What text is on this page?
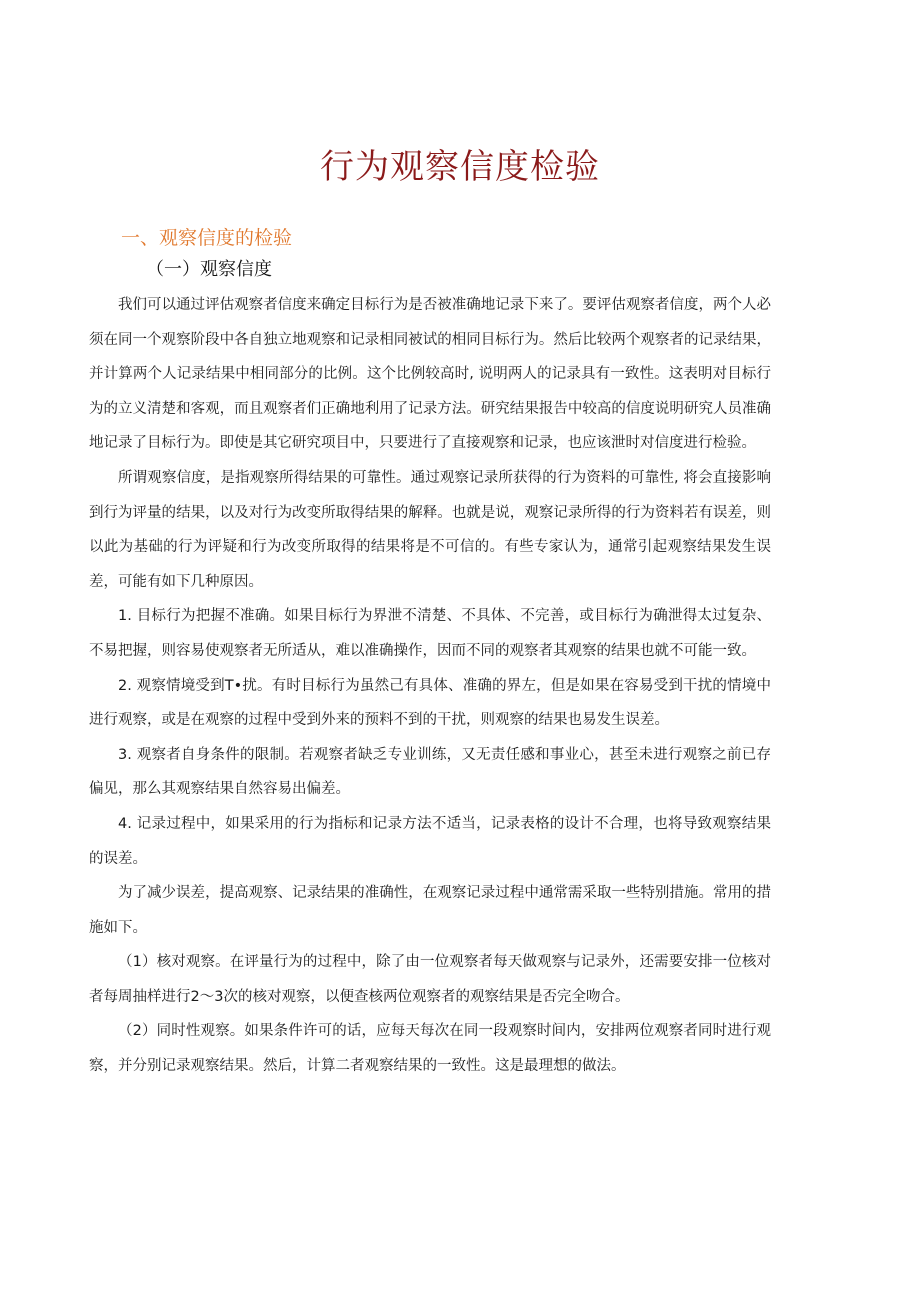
行为观察信度检验
一、观察信度的检验
（一）观察信度

我们可以通过评估观察者信度来确定目标行为是否被准确地记录下来了。要评估观察者信度，两个人必须在同一个观察阶段中各自独立地观察和记录相同被试的相同目标行为。然后比较两个观察者的记录结果，并计算两个人记录结果中相同部分的比例。这个比例较高时, 说明两人的记录具有一致性。这表明对目标行为的立义清楚和客观，而且观察者们正确地利用了记录方法。研究结果报告中较高的信度说明研究人员准确地记录了目标行为。即使是其它研究项目中，只要进行了直接观察和记录，也应该泄时对信度进行检验。

所谓观察信度，是指观察所得结果的可靠性。通过观察记录所获得的行为资料的可靠性, 将会直接影响到行为评量的结果，以及对行为改变所取得结果的解释。也就是说，观察记录所得的行为资料若有误差，则以此为基础的行为评疑和行为改变所取得的结果将是不可信的。有些专家认为，通常引起观察结果发生误差，可能有如下几种原因。

1. 目标行为把握不准确。如果目标行为界泄不清楚、不具体、不完善，或目标行为确泄得太过复杂、不易把握，则容易使观察者无所适从，难以准确操作，因而不同的观察者其观察的结果也就不可能一致。

2. 观察情境受到T•扰。有时目标行为虽然己有具体、准确的界左，但是如果在容易受到干扰的情境中进行观察，或是在观察的过程中受到外来的预料不到的干扰，则观察的结果也易发生误差。

3. 观察者自身条件的限制。若观察者缺乏专业训练，又无责任感和事业心，甚至未进行观察之前已存偏见，那么其观察结果自然容易出偏差。

4. 记录过程中，如果采用的行为指标和记录方法不适当，记录表格的设计不合理，也将导致观察结果的误差。

为了减少误差，提高观察、记录结果的准确性，在观察记录过程中通常需采取一些特别措施。常用的措施如下。

（1）核对观察。在评量行为的过程中，除了由一位观察者每天做观察与记录外，还需要安排一位核对者每周抽样进行2〜3次的核对观察，以便查核两位观察者的观察结果是否完全吻合。

（2）同时性观察。如果条件许可的话，应每天每次在同一段观察时间内，安排两位观察者同时进行观察，并分别记录观察结果。然后，计算二者观察结果的一致性。这是最理想的做法。
